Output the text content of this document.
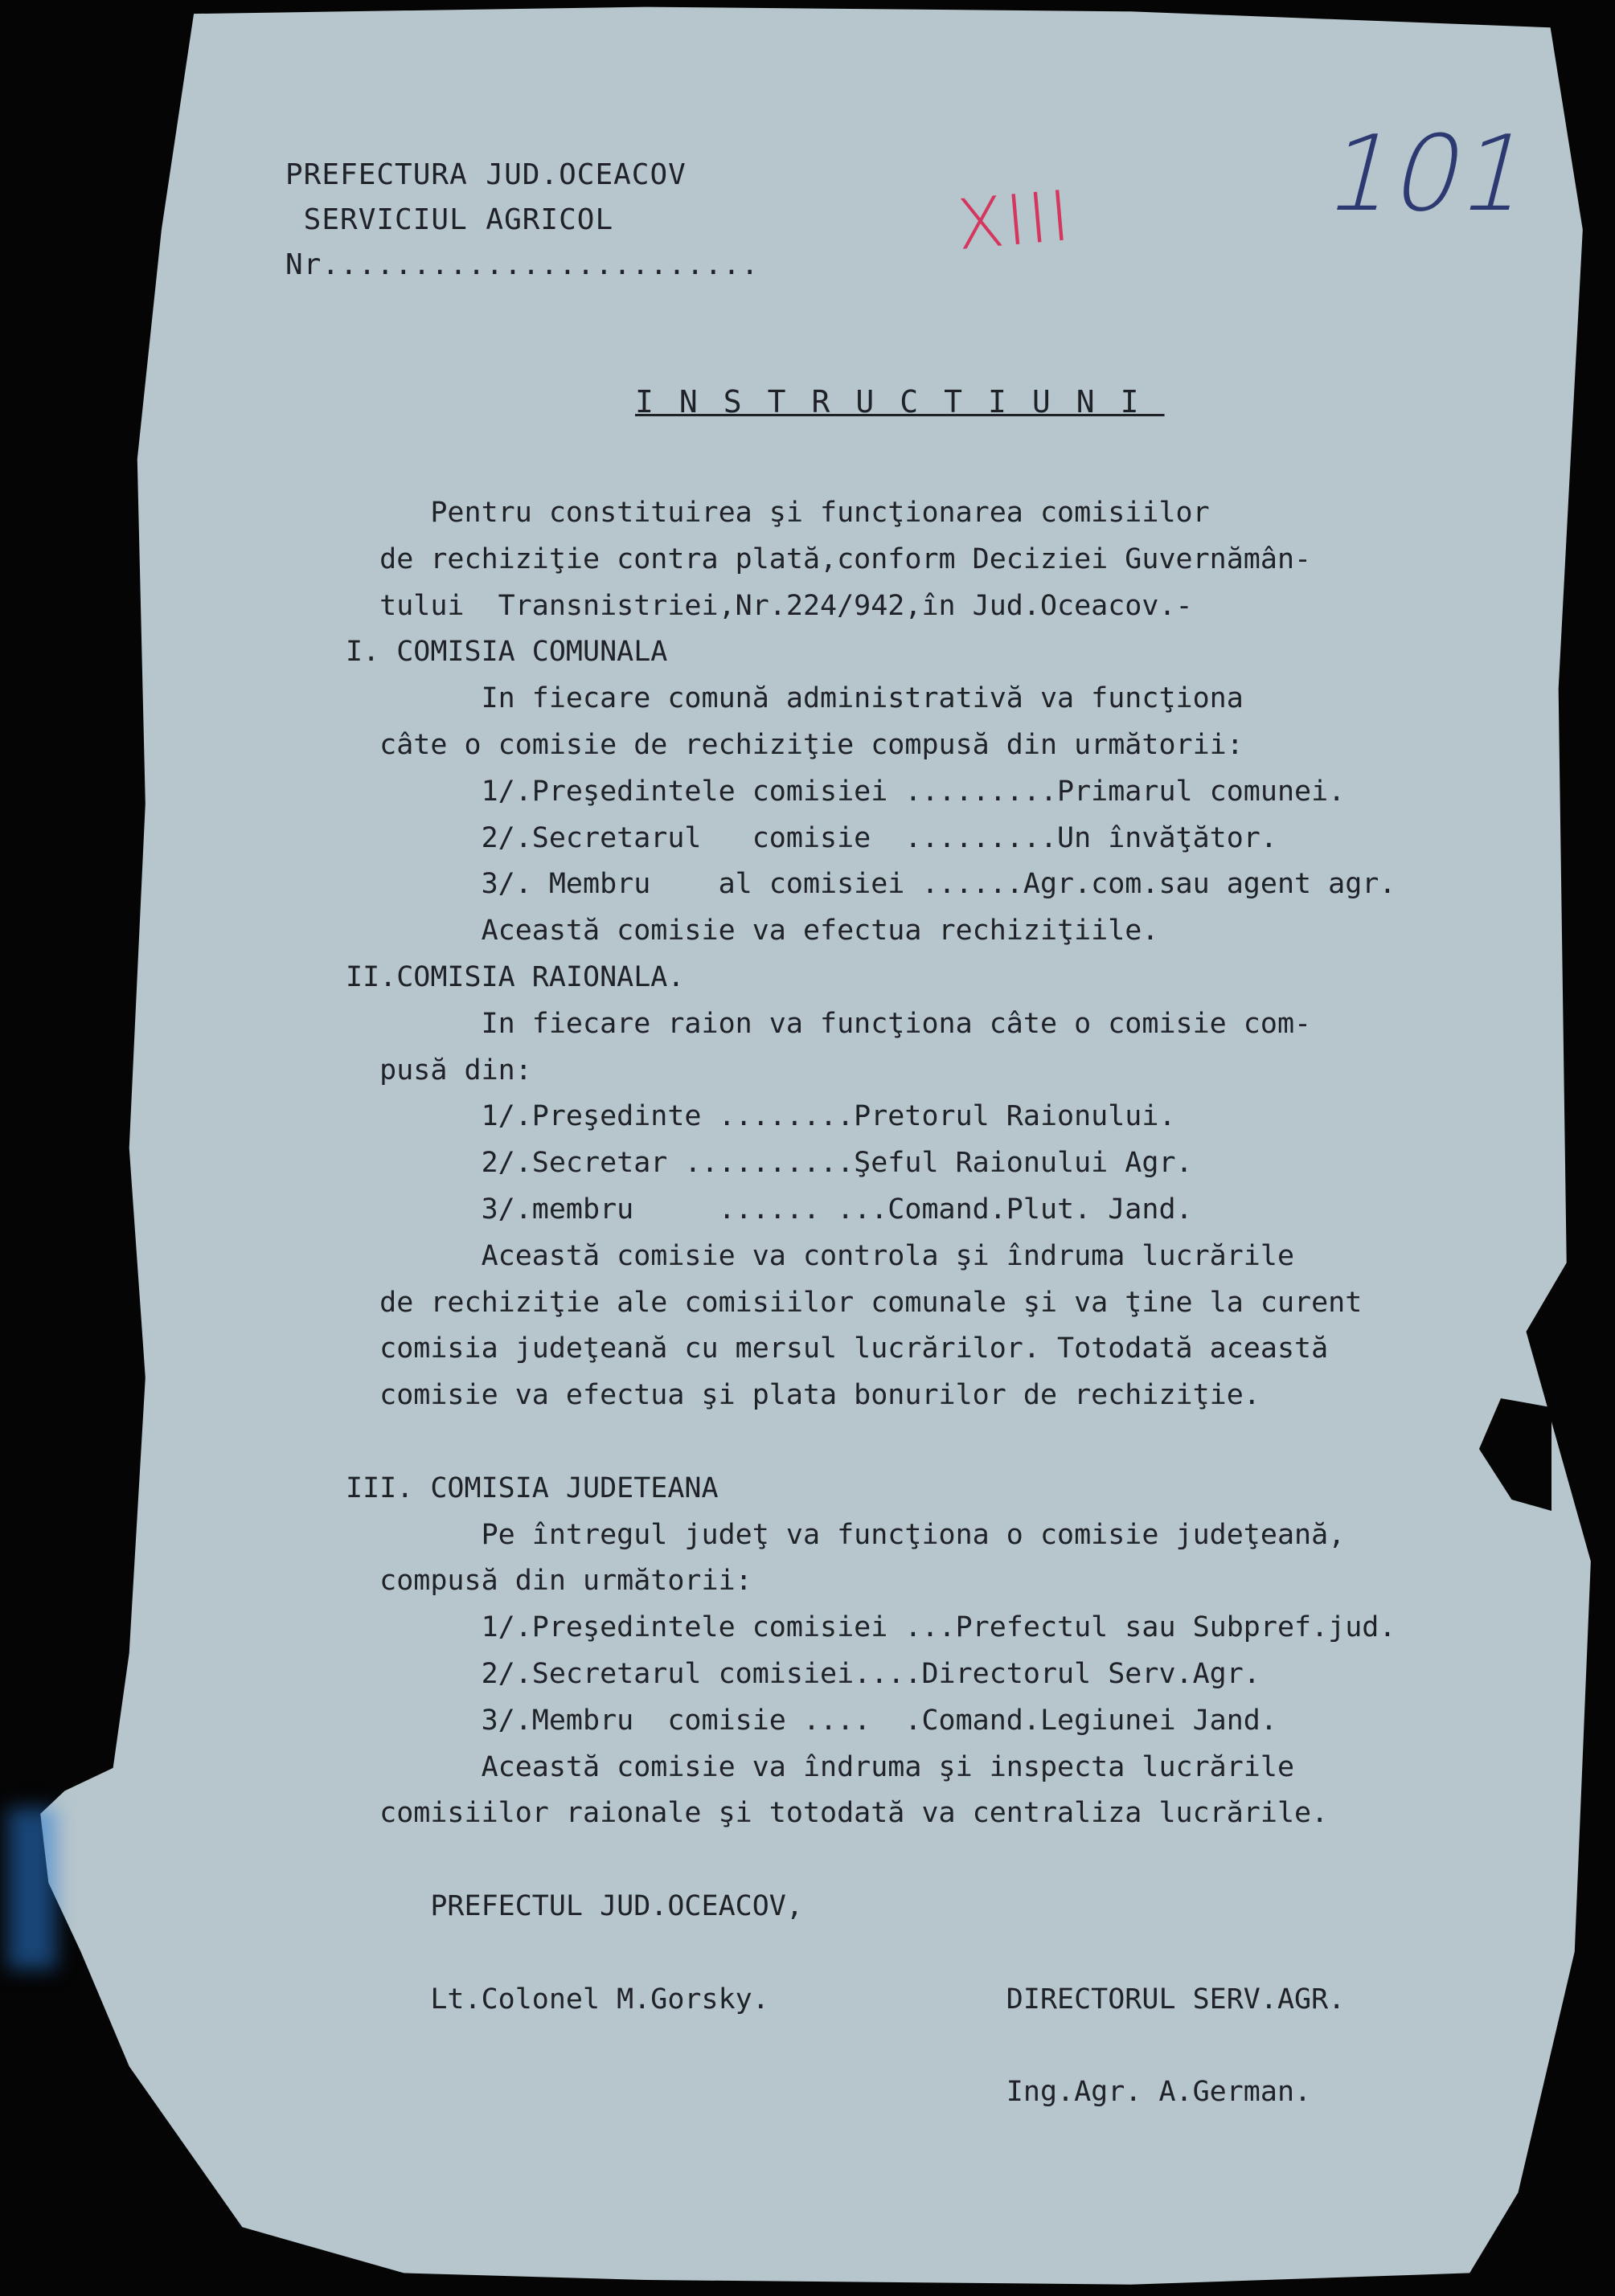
PREFECTURA JUD.OCEACOV
SERVICIUL AGRICOL
Nr........................	XIII 101
INSTRUCTIUNI
Pentru constituirea şi funcţionarea comisiilor
de rechiziţie contra plată,conform Deciziei Guvernămân-
tului  Transnistriei,Nr.224/942,în Jud.Oceacov.-
I. COMISIA COMUNALA
In fiecare comună administrativă va funcţiona
câte o comisie de rechiziţie compusă din următorii:
1/.Preşedintele comisiei .........Primarul comunei.
2/.Secretarul   comisie  .........Un învăţător.
3/. Membru    al comisiei ......Agr.com.sau agent agr.
Această comisie va efectua rechiziţiile.
II.COMISIA RAIONALA.
In fiecare raion va funcţiona câte o comisie com-
pusă din:
1/.Preşedinte ........Pretorul Raionului.
2/.Secretar ..........Şeful Raionului Agr.
3/.membru     ...... ...Comand.Plut. Jand.
Această comisie va controla şi îndruma lucrările
de rechiziţie ale comisiilor comunale şi va ţine la curent
comisia judeţeană cu mersul lucrărilor. Totodată această
comisie va efectua şi plata bonurilor de rechiziţie.

III. COMISIA JUDETEANA
Pe întregul judeţ va funcţiona o comisie judeţeană,
compusă din următorii:
1/.Preşedintele comisiei ...Prefectul sau Subpref.jud.
2/.Secretarul comisiei....Directorul Serv.Agr.
3/.Membru  comisie ....  .Comand.Legiunei Jand.
Această comisie va îndruma şi inspecta lucrările
comisiilor raionale şi totodată va centraliza lucrările.

PREFECTUL JUD.OCEACOV,

Lt.Colonel M.Gorsky.              DIRECTORUL SERV.AGR.

Ing.Agr. A.German.
